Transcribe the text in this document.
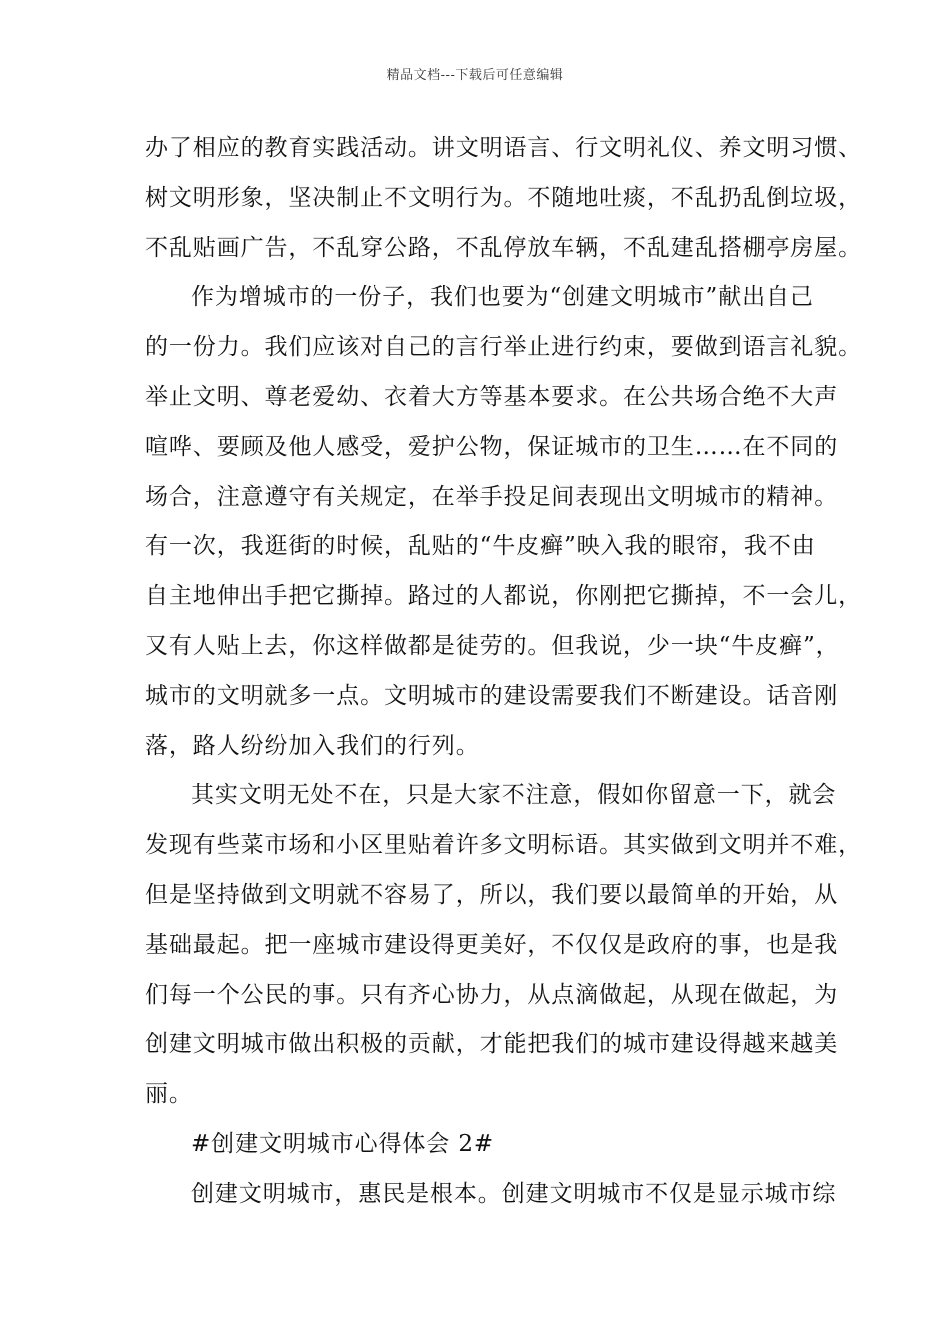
精品文档---下载后可任意编辑
办了相应的教育实践活动。讲文明语言、行文明礼仪、养文明习惯、
树文明形象，坚决制止不文明行为。不随地吐痰，不乱扔乱倒垃圾，
不乱贴画广告，不乱穿公路，不乱停放车辆，不乱建乱搭棚亭房屋。
作为增城市的一份子，我们也要为“创建文明城市”献出自己
的一份力。我们应该对自己的言行举止进行约束，要做到语言礼貌。
举止文明、尊老爱幼、衣着大方等基本要求。在公共场合绝不大声
喧哗、要顾及他人感受，爱护公物，保证城市的卫生……在不同的
场合，注意遵守有关规定，在举手投足间表现出文明城市的精神。
有一次，我逛街的时候，乱贴的“牛皮癣”映入我的眼帘，我不由
自主地伸出手把它撕掉。路过的人都说，你刚把它撕掉，不一会儿，
又有人贴上去，你这样做都是徒劳的。但我说，少一块“牛皮癣”，
城市的文明就多一点。文明城市的建设需要我们不断建设。话音刚
落，路人纷纷加入我们的行列。
其实文明无处不在，只是大家不注意，假如你留意一下，就会
发现有些菜市场和小区里贴着许多文明标语。其实做到文明并不难，
但是坚持做到文明就不容易了，所以，我们要以最简单的开始，从
基础最起。把一座城市建设得更美好，不仅仅是政府的事，也是我
们每一个公民的事。只有齐心协力，从点滴做起，从现在做起，为
创建文明城市做出积极的贡献，才能把我们的城市建设得越来越美
丽。
#创建文明城市心得体会 2#
创建文明城市，惠民是根本。创建文明城市不仅是显示城市综
